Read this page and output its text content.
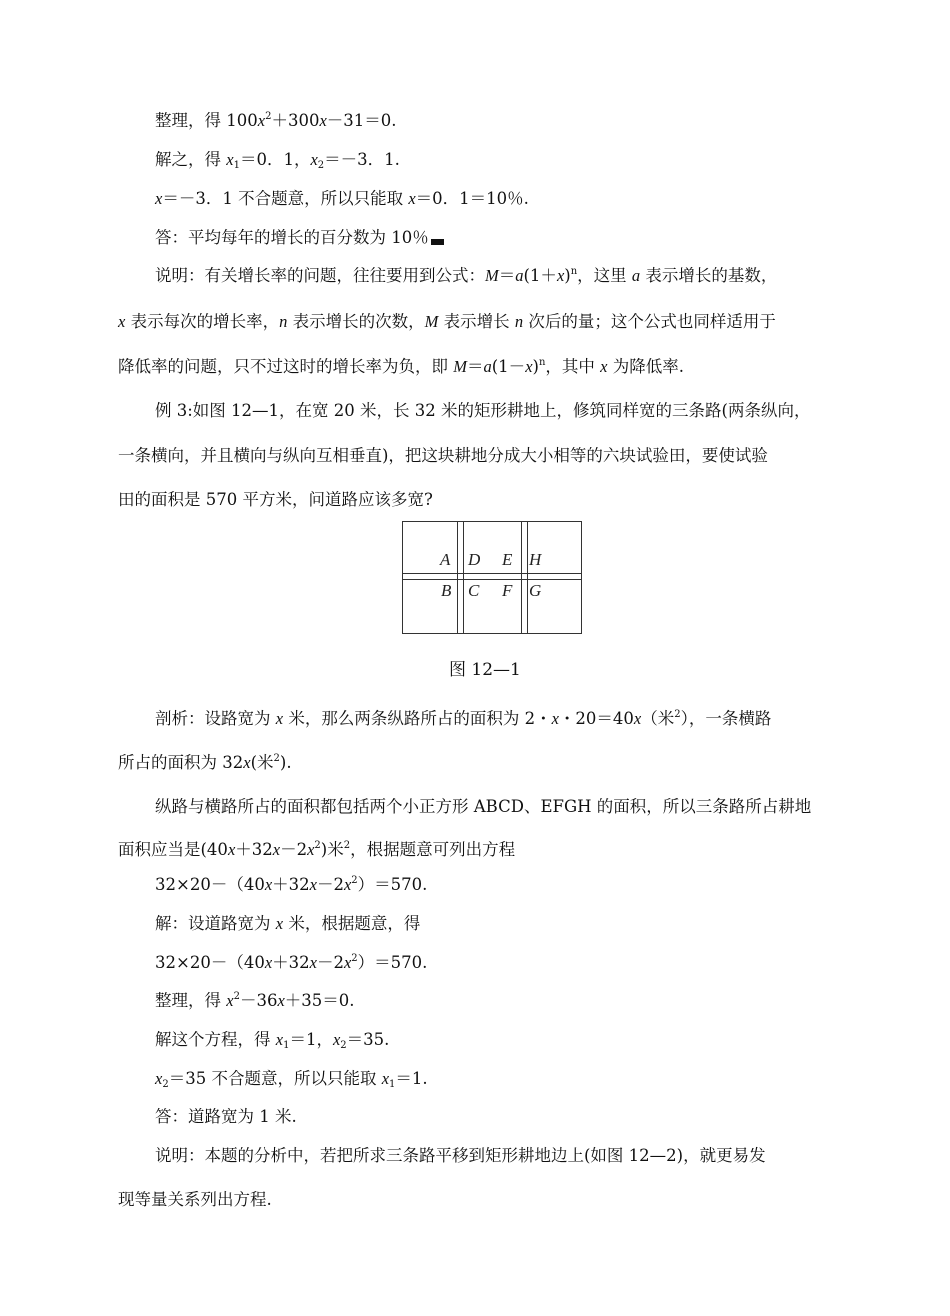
整理，得 $100x^2+300x-31=0$.
解之，得 $x_1=0$．1，$x_2=-3$．1.
x＝－3．1 不合题意，所以只能取 x＝0．1＝10％.
答：平均每年的增长的百分数为 10％
说明：有关增长率的问题，往往要用到公式：$M=a(1+x)^n$，这里 a 表示增长的基数，
x 表示每次的增长率，n 表示增长的次数，M 表示增长 n 次后的量；这个公式也同样适用于
降低率的问题，只不过这时的增长率为负，即 $M=a(1-x)^n$，其中 x 为降低率.
例 3:如图 12—1，在宽 20 米，长 32 米的矩形耕地上，修筑同样宽的三条路(两条纵向，
一条横向，并且横向与纵向互相垂直)，把这块耕地分成大小相等的六块试验田，要使试验
田的面积是 570 平方米，问道路应该多宽?
A
B
D
C
E
F
H
G
图 12—1
剖析：设路宽为 x 米，那么两条纵路所占的面积为 2・x・20＝40x（米$^2$），一条横路
所占的面积为 32x(米$^2$).
纵路与横路所占的面积都包括两个小正方形 ABCD、EFGH 的面积，所以三条路所占耕地
面积应当是$(40x+32x-2x^2)$米$^2$，根据题意可列出方程
$32\times 20-(40x+32x-2x^2)=570$.
解：设道路宽为 x 米，根据题意，得
$32\times 20-(40x+32x-2x^2)=570$.
整理，得 $x^2-36x+35=0$.
解这个方程，得 $x_1=1$，$x_2=35$.
$x_2=35$ 不合题意，所以只能取 $x_1=1$.
答：道路宽为 1 米.
说明：本题的分析中，若把所求三条路平移到矩形耕地边上(如图 12—2)，就更易发
现等量关系列出方程.
